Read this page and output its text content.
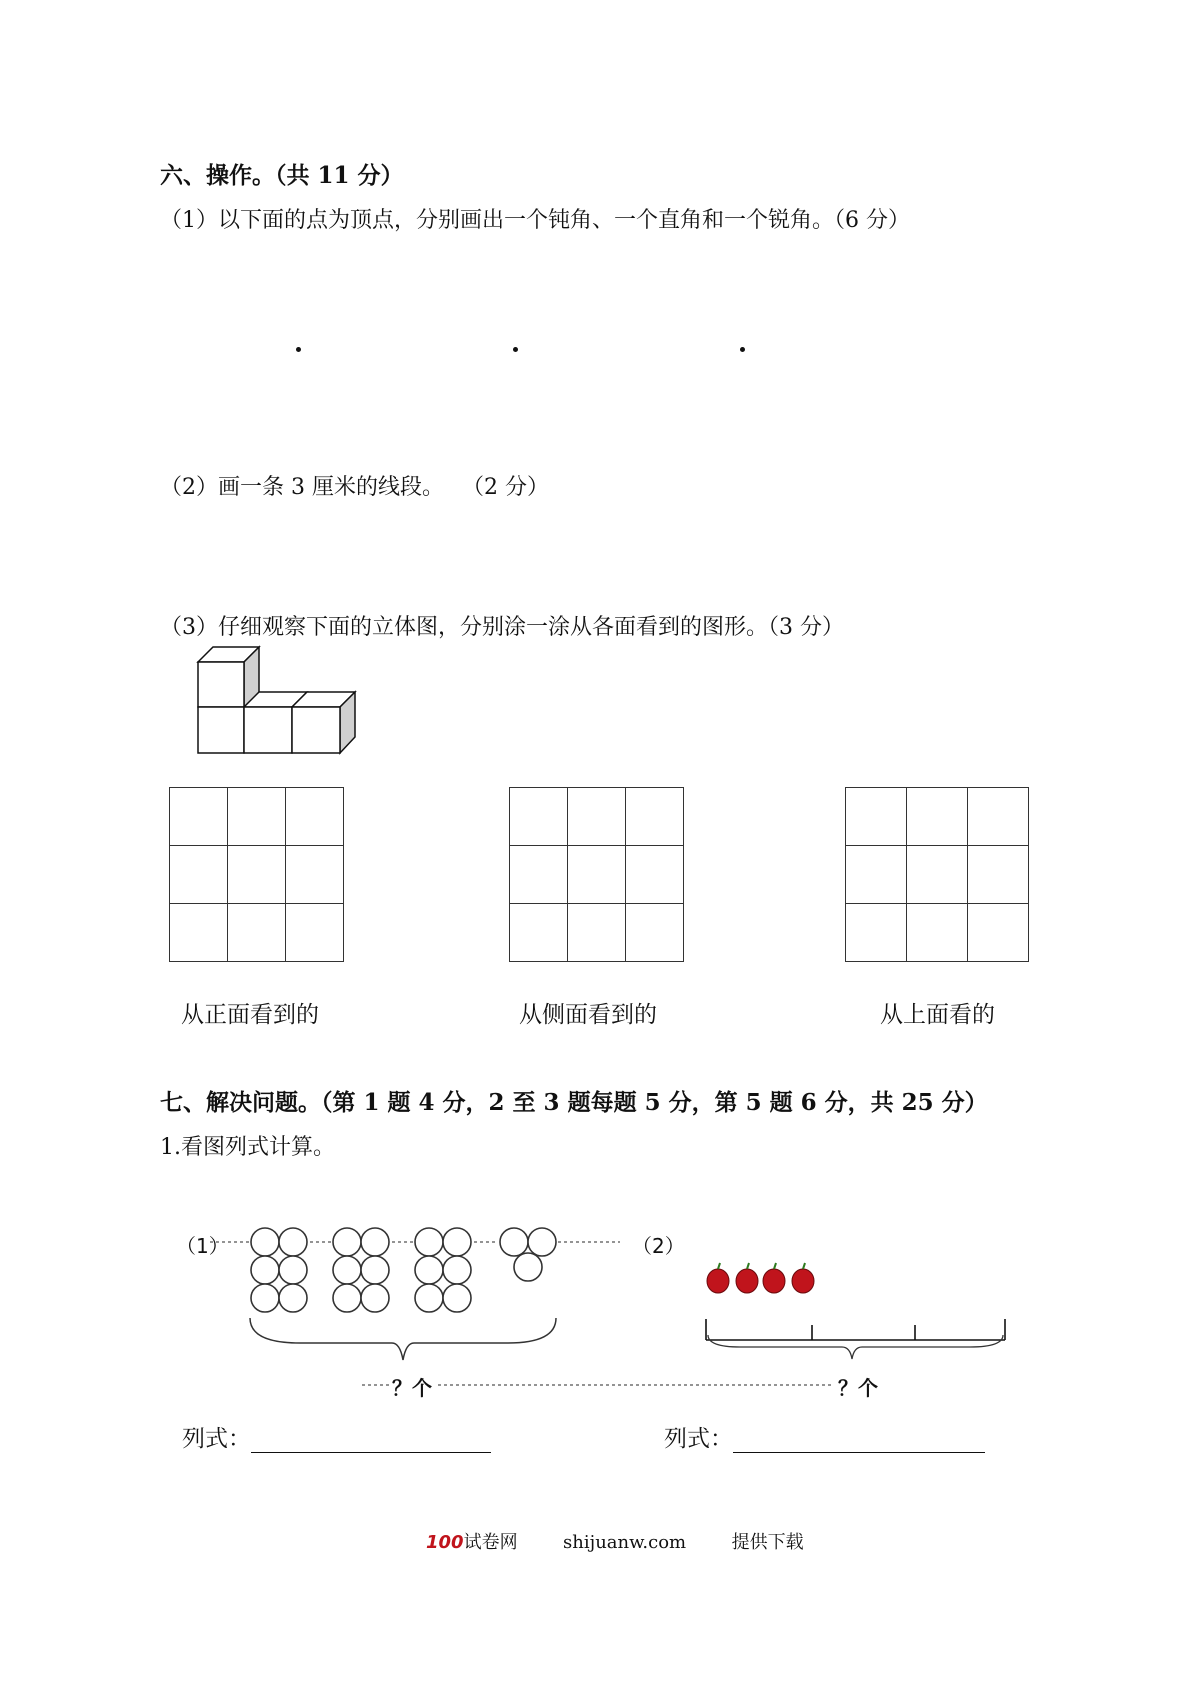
六、操作。（共 11 分）
（1）以下面的点为顶点，分别画出一个钝角、一个直角和一个锐角。（6 分）
（2）画一条 3 厘米的线段。　 （2 分）
（3）仔细观察下面的立体图，分别涂一涂从各面看到的图形。（3 分）

从正面看到的	从侧面看到的	从上面看的
七、解决问题。（第 1 题 4 分，2 至 3 题每题 5 分，第 5 题 6 分，共 25 分）
1.看图列式计算。
（1）	（2）
？个	？个
列式：	列式：
100试卷网	shijuanw.com	提供下载
